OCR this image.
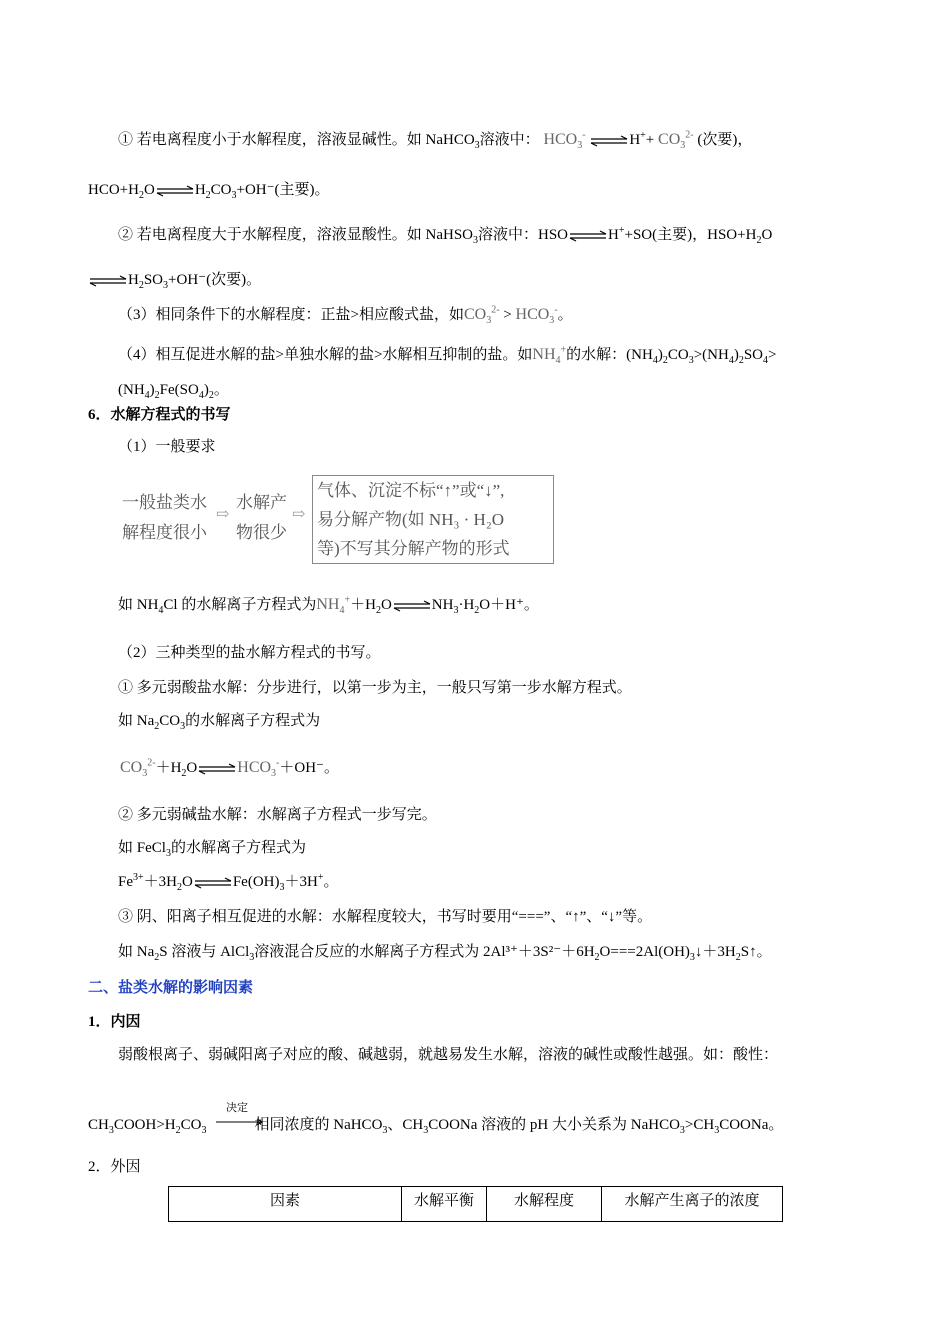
① 若电离程度小于水解程度，溶液显碱性。如 NaHCO$_3$溶液中： $HCO_3^-$	$H^++ CO_3^{2-}$ (次要)，
$HCO+H_2O$	$H_2CO_3+OH^-$(主要)。
② 若电离程度大于水解程度，溶液显酸性。如 NaHSO$_3$溶液中：HSO	H++SO(主要)，$HSO+H_2O$
$H_2SO_3+OH^-$(次要)。
（3）相同条件下的水解程度：正盐>相应酸式盐，如$CO_3^{2-} > HCO_3^-$。
（4）相互促进水解的盐>单独水解的盐>水解相互抑制的盐。如$NH_4^+$的水解：$(NH_4)_2CO_3>(NH_4)_2SO_4>$
$(NH_4)_2Fe(SO_4)_2$。
6．水解方程式的书写
（1）一般要求
一般盐类水
解程度很小
⇨
水解产
物很少
⇨
气体、沉淀不标“↑”或“↓”,
易分解产物(如 NH₃ · H₂O
等)不写其分解产物的形式
如 $NH_4Cl$ 的水解离子方程式为$NH_4^++H_2O$	$NH_3\cdot H_2O+H^+$。
（2）三种类型的盐水解方程式的书写。
① 多元弱酸盐水解：分步进行，以第一步为主，一般只写第一步水解方程式。
如 $Na_2CO_3$的水解离子方程式为
$CO_3^{2-}+H_2O$	$HCO_3^-+OH^-$。
② 多元弱碱盐水解：水解离子方程式一步写完。
如 FeCl$_3$的水解离子方程式为
$Fe^{3+}+3H_2O$	$Fe(OH)_3+3H^+$。
③ 阴、阳离子相互促进的水解：水解程度较大，书写时要用“===”、“↑”、“↓”等。
如 $Na_2S$ 溶液与 AlCl$_3$溶液混合反应的水解离子方程式为 $2Al^{3+}+3S^{2-}+6H_2O===2Al(OH)_3↓+3H_2S↑$。
二、盐类水解的影响因素
1．内因
弱酸根离子、弱碱阳离子对应的酸、碱越弱，就越易发生水解，溶液的碱性或酸性越强。如：酸性：
决定
$CH_3COOH>H_2CO_3$	相同浓度的 NaHCO$_3$、$CH_3COONa$ 溶液的 pH 大小关系为 $NaHCO_3>CH_3COONa$。
2．外因
因素	水解平衡	水解程度	水解产生离子的浓度
